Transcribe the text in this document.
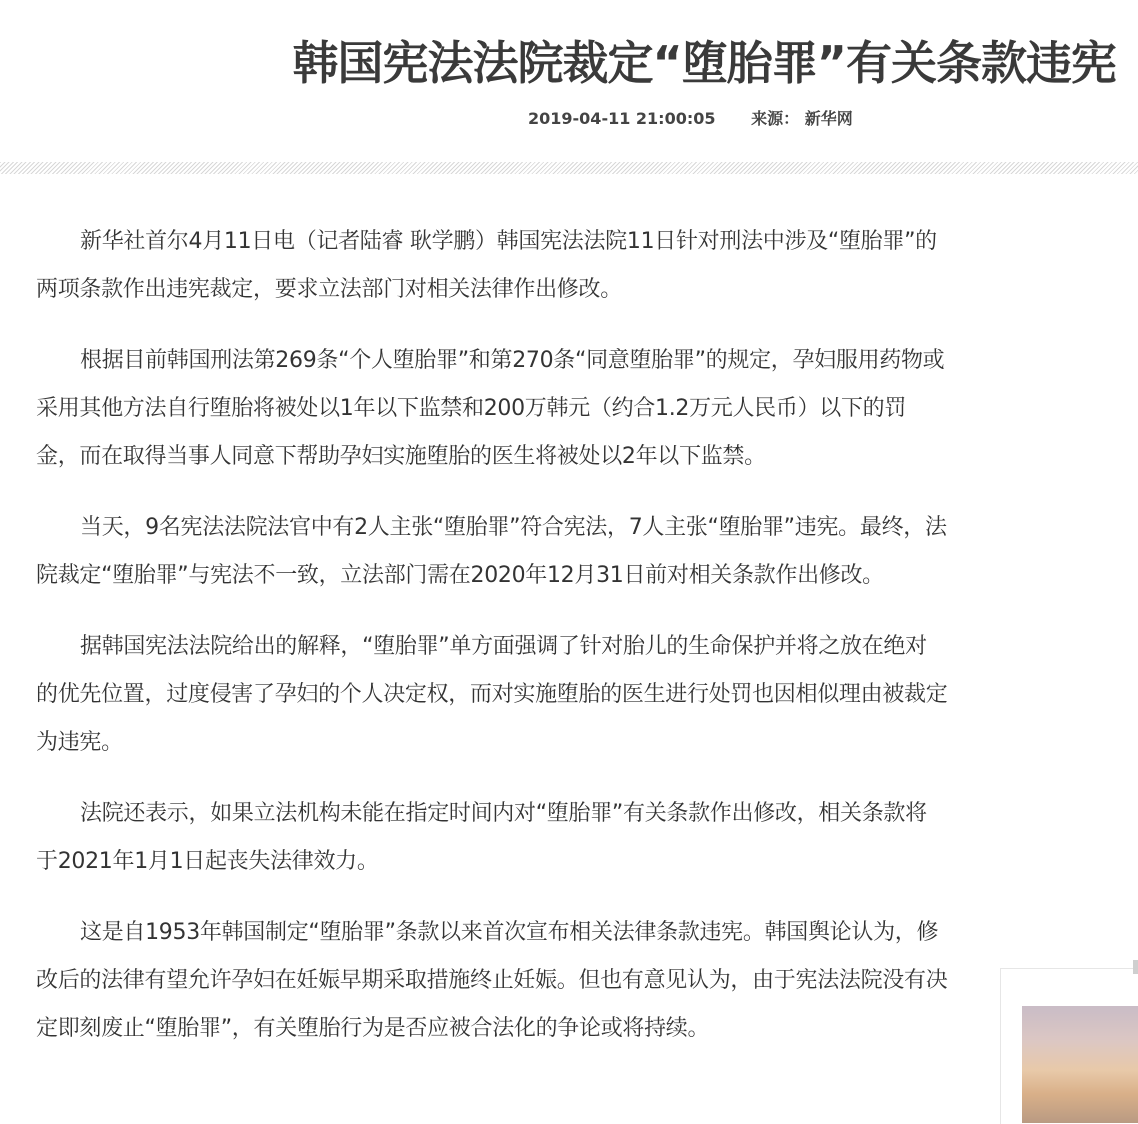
韩国宪法法院裁定“堕胎罪”有关条款违宪
2019-04-11 21:00:05 来源： 新华网

新华社首尔4月11日电（记者陆睿 耿学鹏）韩国宪法法院11日针对刑法中涉及“堕胎罪”的两项条款作出违宪裁定，要求立法部门对相关法律作出修改。

根据目前韩国刑法第269条“个人堕胎罪”和第270条“同意堕胎罪”的规定，孕妇服用药物或采用其他方法自行堕胎将被处以1年以下监禁和200万韩元（约合1.2万元人民币）以下的罚金，而在取得当事人同意下帮助孕妇实施堕胎的医生将被处以2年以下监禁。

当天，9名宪法法院法官中有2人主张“堕胎罪”符合宪法，7人主张“堕胎罪”违宪。最终，法院裁定“堕胎罪”与宪法不一致，立法部门需在2020年12月31日前对相关条款作出修改。

据韩国宪法法院给出的解释，“堕胎罪”单方面强调了针对胎儿的生命保护并将之放在绝对的优先位置，过度侵害了孕妇的个人决定权，而对实施堕胎的医生进行处罚也因相似理由被裁定为违宪。

法院还表示，如果立法机构未能在指定时间内对“堕胎罪”有关条款作出修改，相关条款将于2021年1月1日起丧失法律效力。

这是自1953年韩国制定“堕胎罪”条款以来首次宣布相关法律条款违宪。韩国舆论认为，修改后的法律有望允许孕妇在妊娠早期采取措施终止妊娠。但也有意见认为，由于宪法法院没有决定即刻废止“堕胎罪”，有关堕胎行为是否应被合法化的争论或将持续。
